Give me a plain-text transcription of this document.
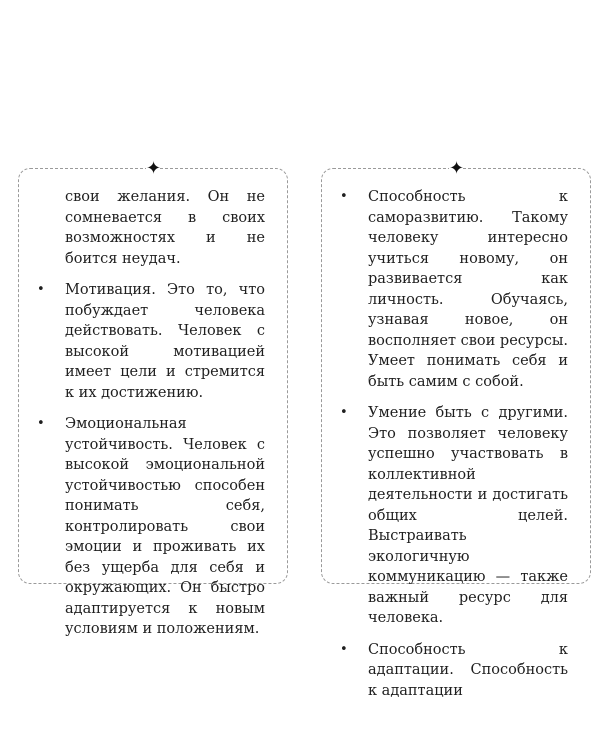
✦

свои желания. Он не сомневается в своих возможностях и не боится неудач.

• Мотивация. Это то, что побуждает человека действовать. Человек с высокой мотивацией имеет цели и стремится к их достижению.
• Эмоциональная устойчивость. Человек с высокой эмоциональной устойчивостью способен понимать себя, контролировать свои эмоции и проживать их без ущерба для себя и окружающих. Он быстро адаптируется к новым условиям и положениям.
✦
• Способность к саморазвитию. Такому человеку интересно учиться новому, он развивается как личность. Обучаясь, узнавая новое, он восполняет свои ресурсы. Умеет понимать себя и быть самим с собой.
• Умение быть с другими. Это позволяет человеку успешно участвовать в коллективной деятельности и достигать общих целей. Выстраивать экологичную коммуникацию — также важный ресурс для человека.
• Способность к адаптации. Способность к адаптации
